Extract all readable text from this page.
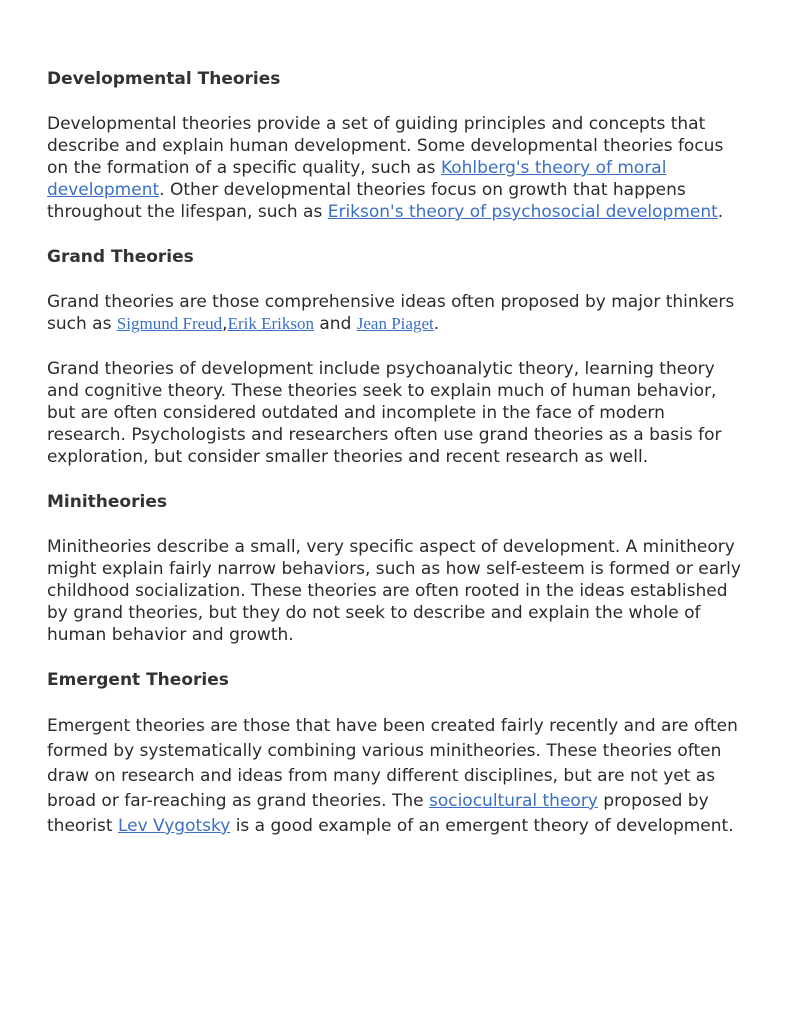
Developmental Theories

Developmental theories provide a set of guiding principles and concepts that describe and explain human development. Some developmental theories focus on the formation of a specific quality, such as Kohlberg's theory of moral development. Other developmental theories focus on growth that happens throughout the lifespan, such as Erikson's theory of psychosocial development.

Grand Theories

Grand theories are those comprehensive ideas often proposed by major thinkers such as Sigmund Freud,Erik Erikson and Jean Piaget.

Grand theories of development include psychoanalytic theory, learning theory and cognitive theory. These theories seek to explain much of human behavior, but are often considered outdated and incomplete in the face of modern research. Psychologists and researchers often use grand theories as a basis for exploration, but consider smaller theories and recent research as well.

Minitheories

Minitheories describe a small, very specific aspect of development. A minitheory might explain fairly narrow behaviors, such as how self-esteem is formed or early childhood socialization. These theories are often rooted in the ideas established by grand theories, but they do not seek to describe and explain the whole of human behavior and growth.

Emergent Theories

Emergent theories are those that have been created fairly recently and are often formed by systematically combining various minitheories. These theories often draw on research and ideas from many different disciplines, but are not yet as broad or far-reaching as grand theories. The sociocultural theory proposed by theorist Lev Vygotsky is a good example of an emergent theory of development.
